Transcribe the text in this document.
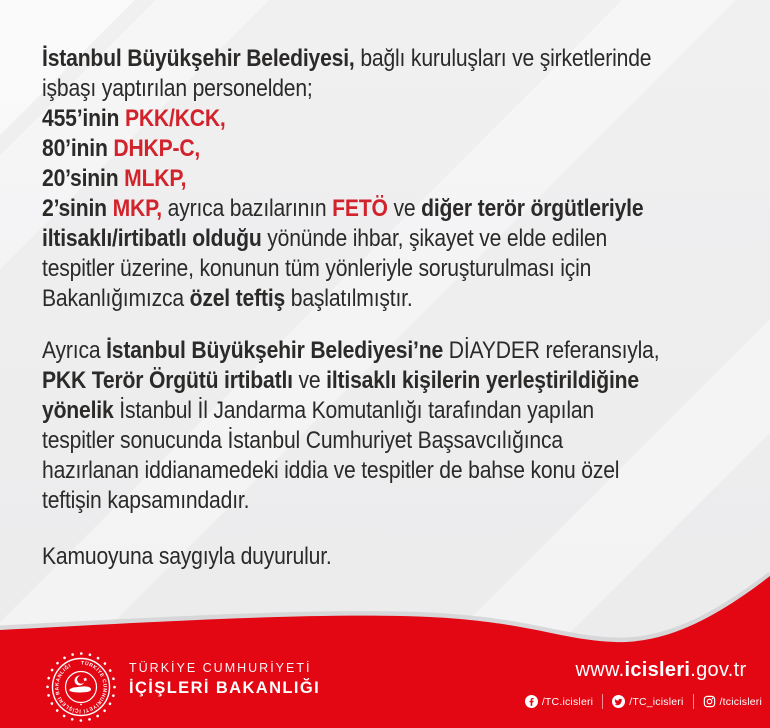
İstanbul Büyükşehir Belediyesi, bağlı kuruluşları ve şirketlerinde
işbaşı yaptırılan personelden;
455’inin PKK/KCK,
80’inin DHKP-C,
20’sinin MLKP,
2’sinin MKP, ayrıca bazılarının FETÖ ve diğer terör örgütleriyle
iltisaklı/irtibatlı olduğu yönünde ihbar, şikayet ve elde edilen
tespitler üzerine, konunun tüm yönleriyle soruşturulması için
Bakanlığımızca özel teftiş başlatılmıştır.
Ayrıca İstanbul Büyükşehir Belediyesi’ne DİAYDER referansıyla,
PKK Terör Örgütü irtibatlı ve iltisaklı kişilerin yerleştirildiğine
yönelik İstanbul İl Jandarma Komutanlığı tarafından yapılan
tespitler sonucunda İstanbul Cumhuriyet Başsavcılığınca
hazırlanan iddianamedeki iddia ve tespitler de bahse konu özel
teftişin kapsamındadır.
Kamuoyuna saygıyla duyurulur.
TÜRKİYE CUMHURİYETİ İÇİŞLERİ BAKANLIĞI	TÜRKİYE CUMHURİYETİ
İÇİŞLERİ BAKANLIĞI
www.icisleri.gov.tr
/TC.icisleri	/TC_icisleri	/tcicisleri
